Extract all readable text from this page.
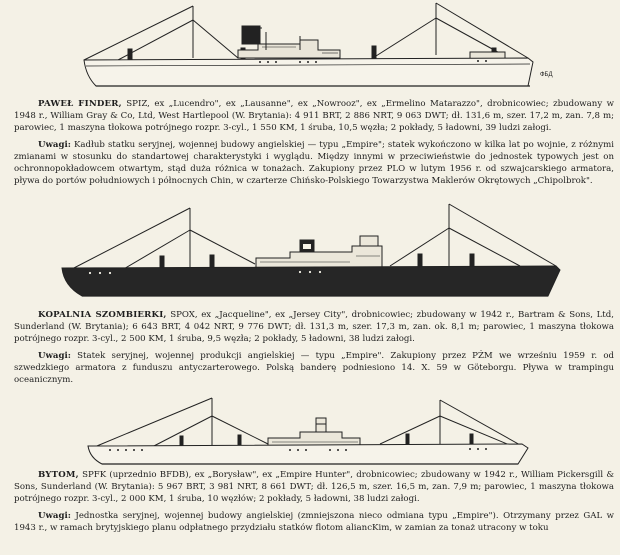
ФБД

PAWEŁ FINDER, SPIZ, ex „Lucendro", ex „Lausanne", ex „Nowrooz", ex „Ermelino Matarazzo", drobnicowiec; zbudowany w 1948 r., William Gray & Co, Ltd, West Hartlepool (W. Brytania): 4 911 BRT, 2 886 NRT, 9 063 DWT; dł. 131,6 m, szer. 17,2 m, zan. 7,8 m; parowiec, 1 maszyna tłokowa potrójnego rozpr. 3-cyl., 1 550 KM, 1 śruba, 10,5 węzła; 2 pokłady, 5 ładowni, 39 ludzi załogi.

Uwagi: Kadłub statku seryjnej, wojennej budowy angielskiej — typu „Empire"; statek wykończono w kilka lat po wojnie, z różnymi zmianami w stosunku do standartowej charakterystyki i wyglądu. Między innymi w przeciwieństwie do jednostek typowych jest on ochronnopokładowcem otwartym, stąd duża różnica w tonażach. Zakupiony przez PLO w lutym 1956 r. od szwajcarskiego armatora, pływa do portów południowych i północnych Chin, w czarterze Chińsko-Polskiego Towarzystwa Maklerów Okrętowych „Chipolbrok".

KOPALNIA SZOMBIERKI, SPOX, ex „Jacqueline", ex „Jersey City", drobnicowiec; zbudowany w 1942 r., Bartram & Sons, Ltd, Sunderland (W. Brytania); 6 643 BRT, 4 042 NRT, 9 776 DWT; dł. 131,3 m, szer. 17,3 m, zan. ok. 8,1 m; parowiec, 1 maszyna tłokowa potrójnego rozpr. 3-cyl., 2 500 KM, 1 śruba, 9,5 węzła; 2 pokłady, 5 ładowni, 38 ludzi załogi.

Uwagi: Statek seryjnej, wojennej produkcji angielskiej — typu „Empire". Zakupiony przez PŻM we wrześniu 1959 r. od szwedzkiego armatora z funduszu antyczarterowego. Polską banderę podniesiono 14. X. 59 w Göteborgu. Pływa w trampingu oceanicznym.

BYTOM, SPFK (uprzednio BFDB), ex „Borysław", ex „Empire Hunter", drobnicowiec; zbudowany w 1942 r., William Pickersgill & Sons, Sunderland (W. Brytania): 5 967 BRT, 3 981 NRT, 8 661 DWT; dł. 126,5 m, szer. 16,5 m, zan. 7,9 m; parowiec, 1 maszyna tłokowa potrójnego rozpr. 3-cyl., 2 000 KM, 1 śruba, 10 węzłów; 2 pokłady, 5 ładowni, 38 ludzi załogi.

Uwagi: Jednostka seryjnej, wojennej budowy angielskiej (zmniejszona nieco odmiana typu „Empire"). Otrzymany przez GAL w 1943 r., w ramach brytyjskiego planu odpłatnego przydziału statków flotom aliancKim, w zamian za tonaż utracony w toku
